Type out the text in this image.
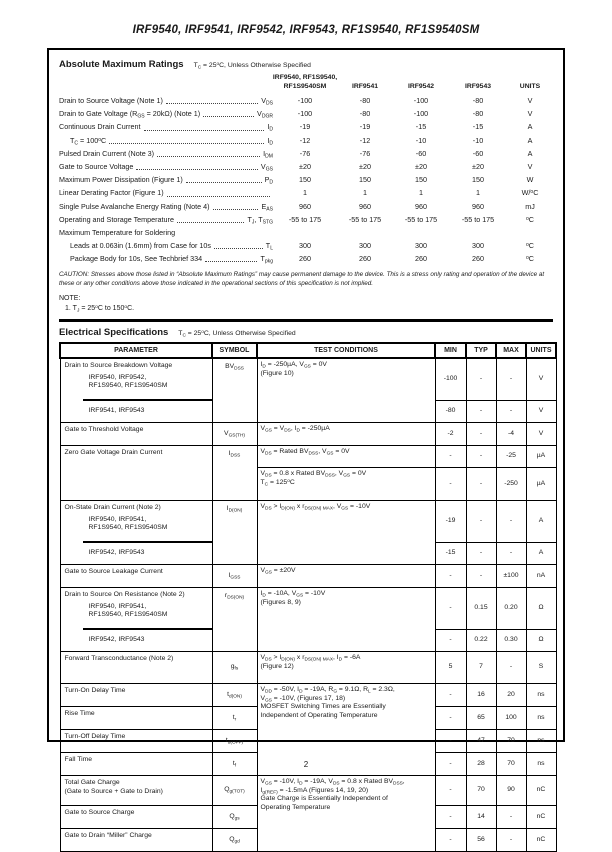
IRF9540, IRF9541, IRF9542, IRF9543, RF1S9540, RF1S9540SM
Absolute Maximum Ratings $T_C = 25^oC$, Unless Otherwise Specified
IRF9540, RF1S9540,
RF1S9540SM	IRF9541	IRF9542	IRF9543	UNITS
Drain to Source Voltage (Note 1)	$V_{DS}$	-100	-80	-100	-80	V
Drain to Gate Voltage $(R_{GS} = 20k\Omega)$ (Note 1)	$V_{DGR}$	-100	-80	-100	-80	V
Continuous Drain Current	$I_D$	-19	-19	-15	-15	A
$T_C = 100^oC$	$I_D$	-12	-12	-10	-10	A
Pulsed Drain Current (Note 3)	$I_{DM}$	-76	-76	-60	-60	A
Gate to Source Voltage	$V_{GS}$	±20	±20	±20	±20	V
Maximum Power Dissipation (Figure 1)	$P_D$	150	150	150	150	W
Linear Derating Factor (Figure 1)	1	1	1	1	W/$^o$C
Single Pulse Avalanche Energy Rating (Note 4)	$E_{AS}$	960	960	960	960	mJ
Operating and Storage Temperature	$T_J$, $T_{STG}$	-55 to 175	-55 to 175	-55 to 175	-55 to 175	$^o$C
Maximum Temperature for Soldering
Leads at 0.063in (1.6mm) from Case for 10s	$T_L$	300	300	300	300	$^o$C
Package Body for 10s, See Techbrief 334	$T_{pkg}$	260	260	260	260	$^o$C
CAUTION: Stresses above those listed in “Absolute Maximum Ratings” may cause permanent damage to the device. This is a stress only rating and operation of the device at these or any other conditions above those indicated in the operational sections of this specification is not implied.
NOTE:
1. $T_J = 25^oC$ to 150$^o$C.
Electrical Specifications $T_C = 25^oC$, Unless Otherwise Specified
PARAMETER	SYMBOL	TEST CONDITIONS	MIN	TYP	MAX	UNITS

Drain to Source Breakdown Voltage
IRF9540, IRF9542,
RF1S9540, RF1S9540SM
	$BV_{DSS}$	$I_D = -250\mu A$, $V_{GS} = 0V$
(Figure 10)	-100	-	-	V
IRF9541, IRF9543			-80	-	-	V
Gate to Threshold Voltage	$V_{GS(TH)}$	$V_{GS} = V_{DS}$, $I_D = -250\mu A$	-2	-	-4	V
Zero Gate Voltage Drain Current	$I_{DSS}$	$V_{DS}$ = Rated $BV_{DSS}$, $V_{GS} = 0V$	-	-	-25	µA
		$V_{DS} = 0.8$ x Rated $BV_{DSS}$, $V_{GS} = 0V$
$T_C = 125^oC$	-	-	-250	µA

On-State Drain Current (Note 2)
IRF9540, IRF9541,
RF1S9540, RF1S9540SM	$I_{D(ON)}$	$V_{DS} > I_{D(ON)}$ x $r_{DS(ON) MAX}$, $V_{GS} = -10V$	-19	-	-	A
IRF9542, IRF9543			-15	-	-	A
Gate to Source Leakage Current	$I_{GSS}$	$V_{GS} = \pm 20V$	-	-	±100	nA

Drain to Source On Resistance (Note 2)
IRF9540, IRF9541,
RF1S9540, RF1S9540SM
	$r_{DS(ON)}$	$I_D = -10A$, $V_{GS} = -10V$
(Figures 8, 9)	-	0.15	0.20	Ω
IRF9542, IRF9543			-	0.22	0.30	Ω
Forward Transconductance (Note 2)	$g_{fs}$	$V_{DS} > I_{D(ON)}$ x $r_{DS(ON) MAX}$, $I_D = -6A$
(Figure 12)	5	7	-	S
Turn-On Delay Time	$t_{d(ON)}$	$V_{DD} = -50V$, $I_D = -19A$, $R_G = 9.1\Omega$, $R_L = 2.3\Omega$,
$V_{GS} = -10V$, (Figures 17, 18)
MOSFET Switching Times are Essentially
Independent of Operating Temperature	-	16	20	ns
Rise Time	$t_r$		-	65	100	ns
Turn-Off Delay Time	$t_{d(OFF)}$		-	47	70	ns
Fall Time	$t_f$		-	28	70	ns
Total Gate Charge
(Gate to Source + Gate to Drain)	$Q_{g(TOT)}$	$V_{GS} = -10V$, $I_D = -19A$, $V_{DS} = 0.8$ x Rated $BV_{DSS}$,
$I_{g(REF)} = -1.5mA$ (Figures 14, 19, 20)
Gate Charge is Essentially Independent of
Operating Temperature	-	70	90	nC
Gate to Source Charge	$Q_{gs}$		-	14	-	nC
Gate to Drain “Miller” Charge	$Q_{gd}$		-	56	-	nC
2
